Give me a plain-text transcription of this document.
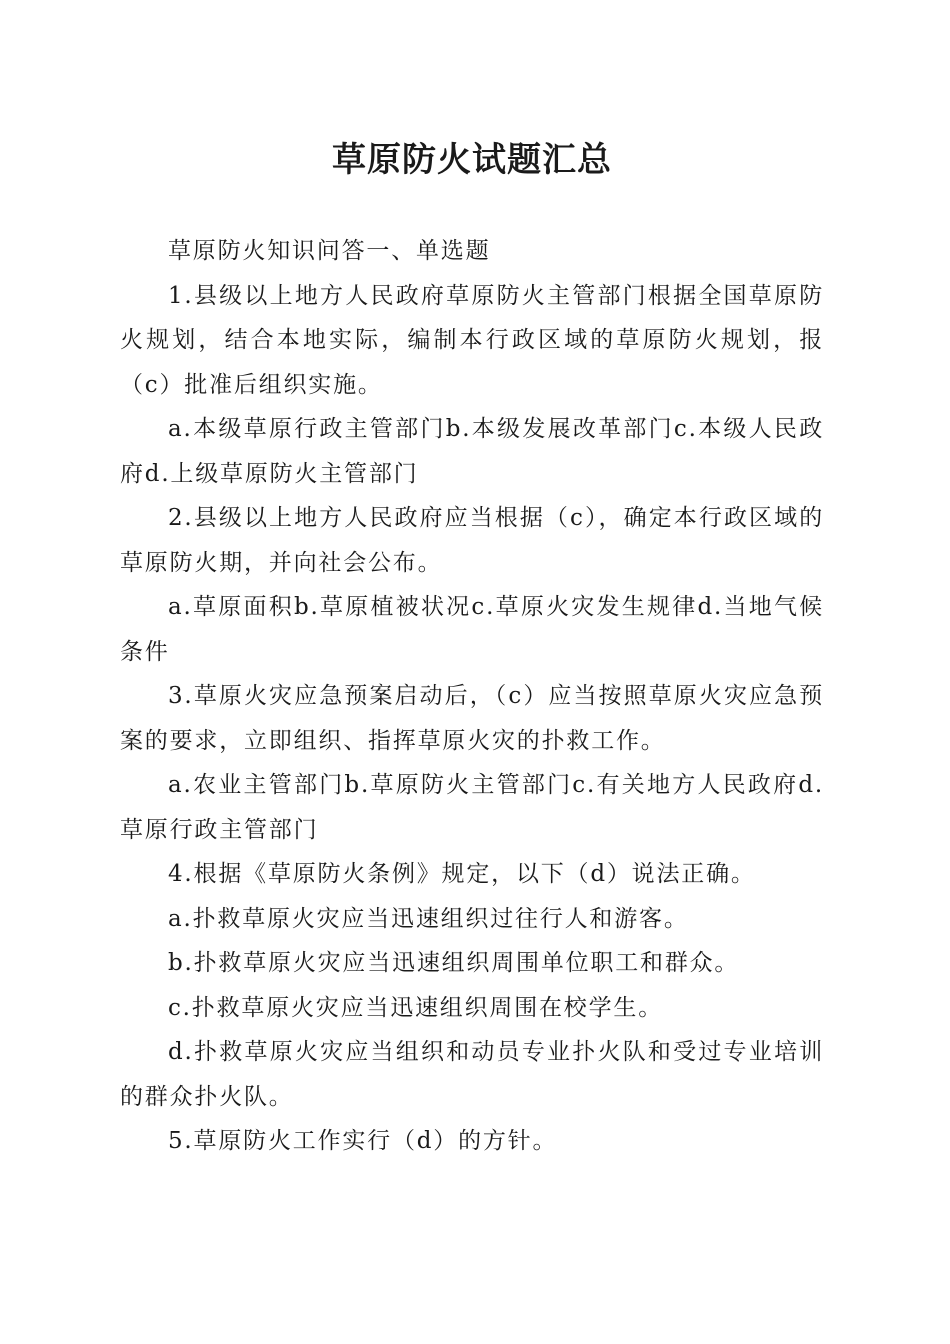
草原防火试题汇总

草原防火知识问答一、单选题

1.县级以上地方人民政府草原防火主管部门根据全国草原防火规划，结合本地实际，编制本行政区域的草原防火规划，报（c）批准后组织实施。

a.本级草原行政主管部门b.本级发展改革部门c.本级人民政府d.上级草原防火主管部门

2.县级以上地方人民政府应当根据（c），确定本行政区域的草原防火期，并向社会公布。

a.草原面积b.草原植被状况c.草原火灾发生规律d.当地气候条件

3.草原火灾应急预案启动后，（c）应当按照草原火灾应急预案的要求，立即组织、指挥草原火灾的扑救工作。

a.农业主管部门b.草原防火主管部门c.有关地方人民政府d.草原行政主管部门

4.根据《草原防火条例》规定，以下（d）说法正确。

a.扑救草原火灾应当迅速组织过往行人和游客。

b.扑救草原火灾应当迅速组织周围单位职工和群众。

c.扑救草原火灾应当迅速组织周围在校学生。

d.扑救草原火灾应当组织和动员专业扑火队和受过专业培训的群众扑火队。

5.草原防火工作实行（d）的方针。
